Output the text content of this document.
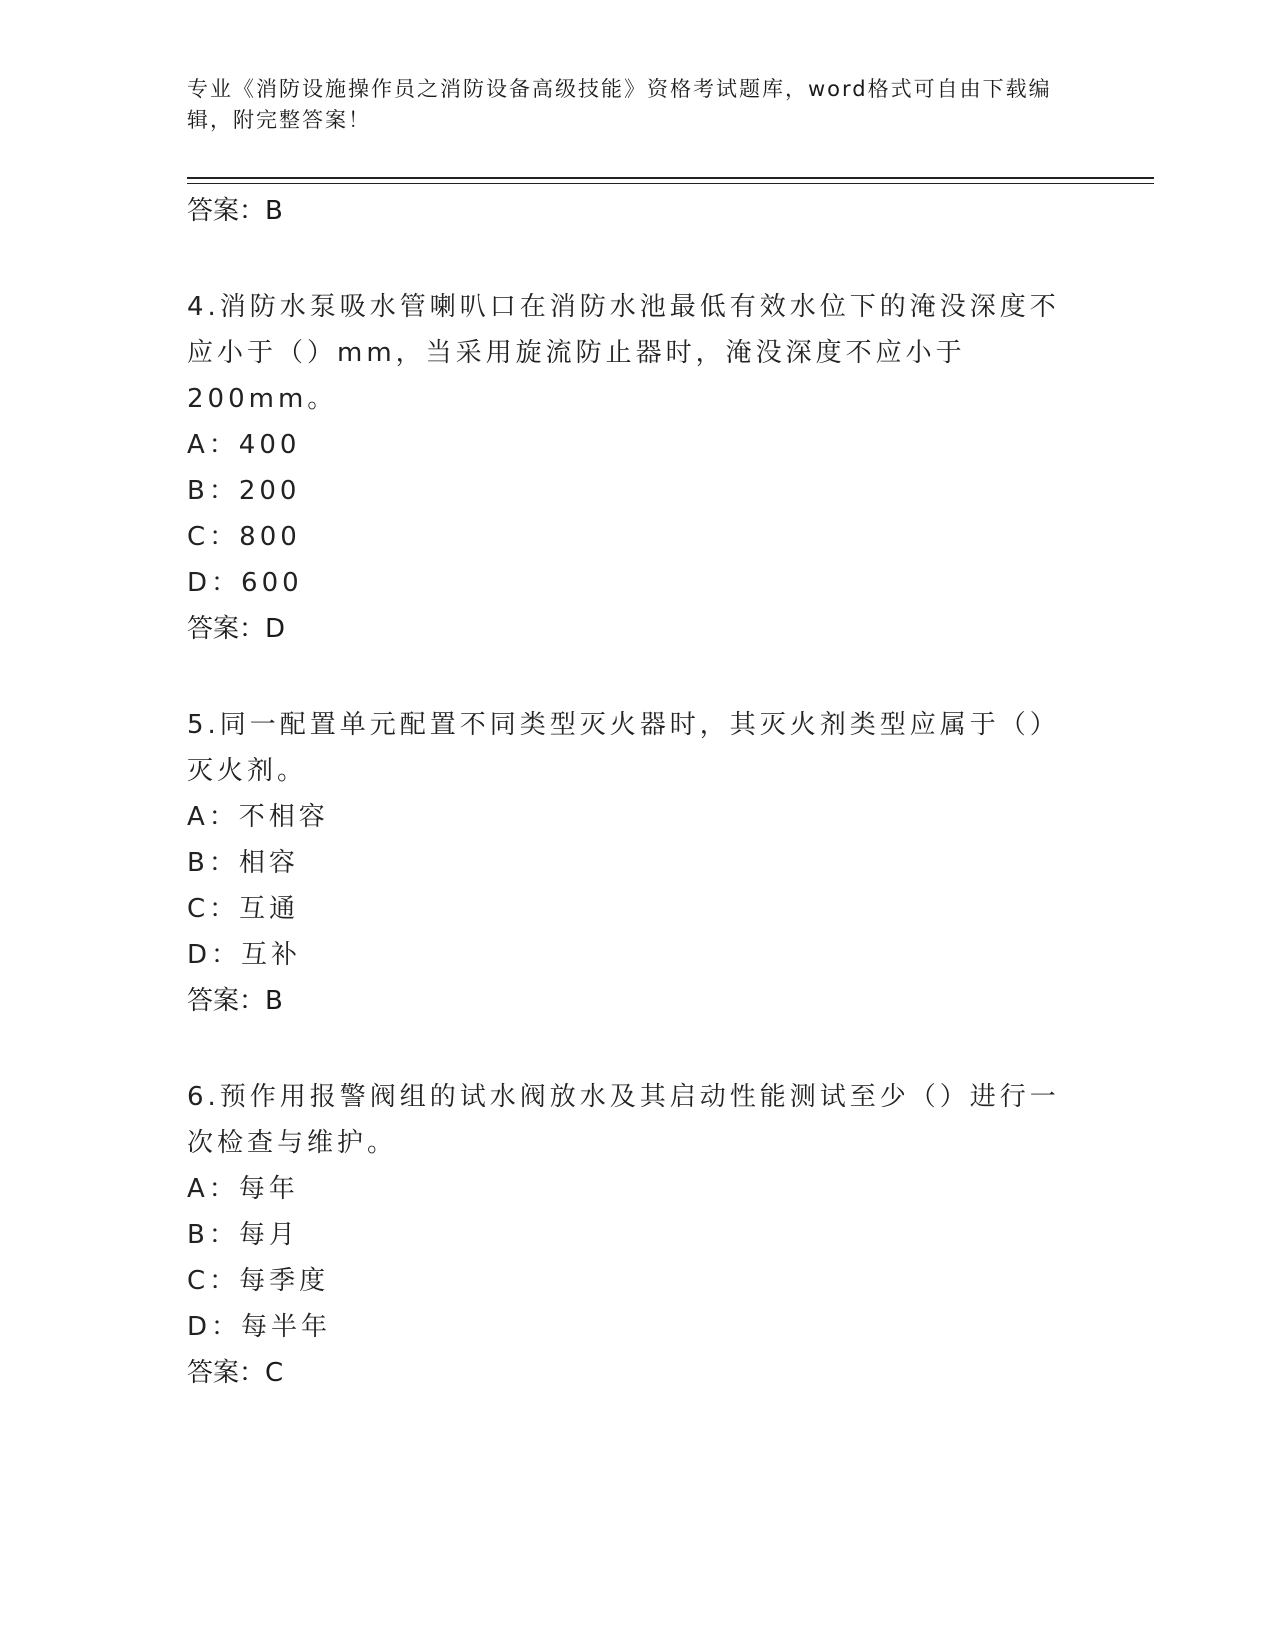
专业《消防设施操作员之消防设备高级技能》资格考试题库，word格式可自由下载编辑，附完整答案！
答案：B
4.消防水泵吸水管喇叭口在消防水池最低有效水位下的淹没深度不应小于（）mm，当采用旋流防止器时，淹没深度不应小于200mm。
A：400
B：200
C：800
D：600
答案：D
5.同一配置单元配置不同类型灭火器时，其灭火剂类型应属于（）灭火剂。
A：不相容
B：相容
C：互通
D：互补
答案：B
6.预作用报警阀组的试水阀放水及其启动性能测试至少（）进行一次检查与维护。
A：每年
B：每月
C：每季度
D：每半年
答案：C
